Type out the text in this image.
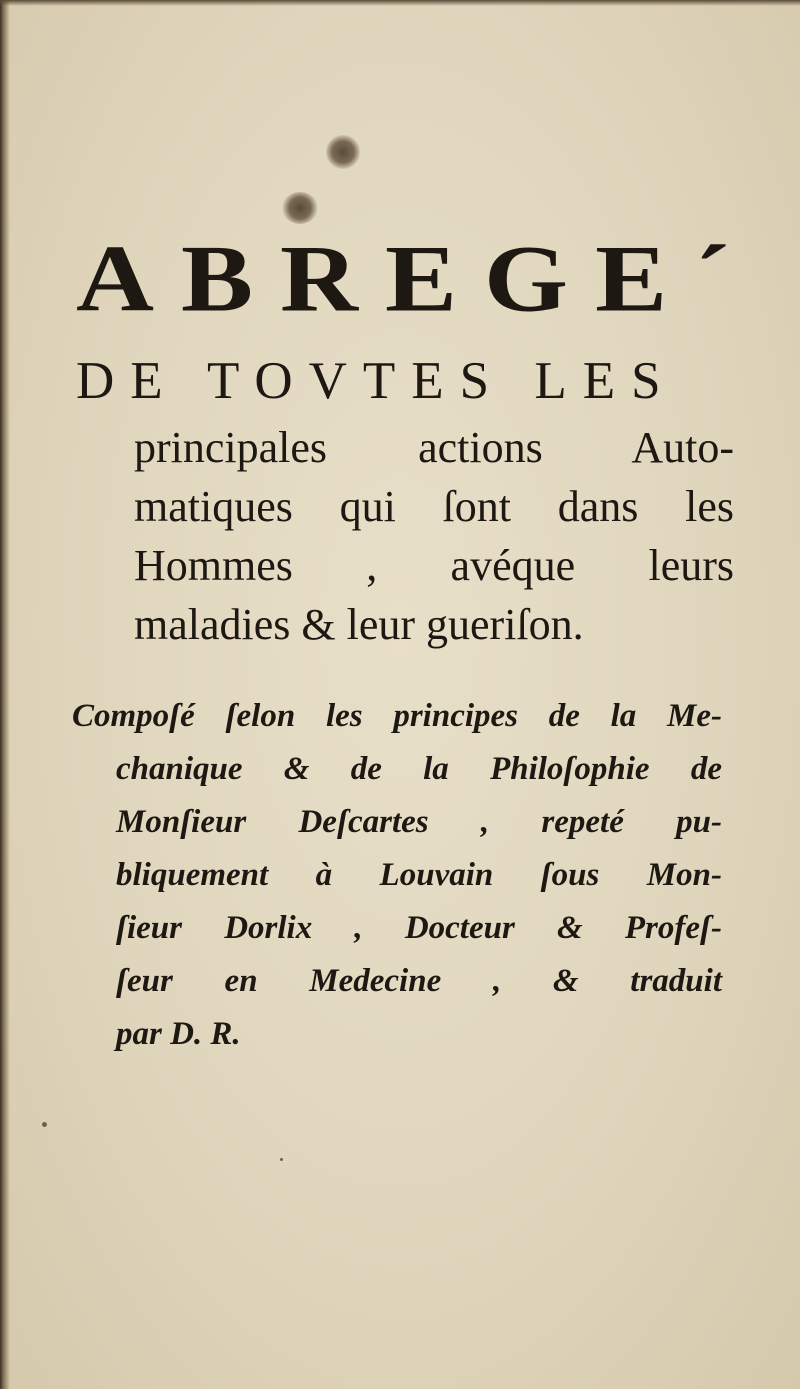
ABREGE´
DE TOVTES LES
principales actions Auto-
matiques qui ſont dans les
Hommes , avéque leurs
maladies & leur gueriſon.
Compoſé ſelon les principes de la Me-
chanique & de la Philoſophie de
Monſieur Deſcartes , repeté pu-
bliquement à Louvain ſous Mon-
ſieur Dorlix , Docteur & Profeſ-
ſeur en Medecine , & traduit
par D. R.
